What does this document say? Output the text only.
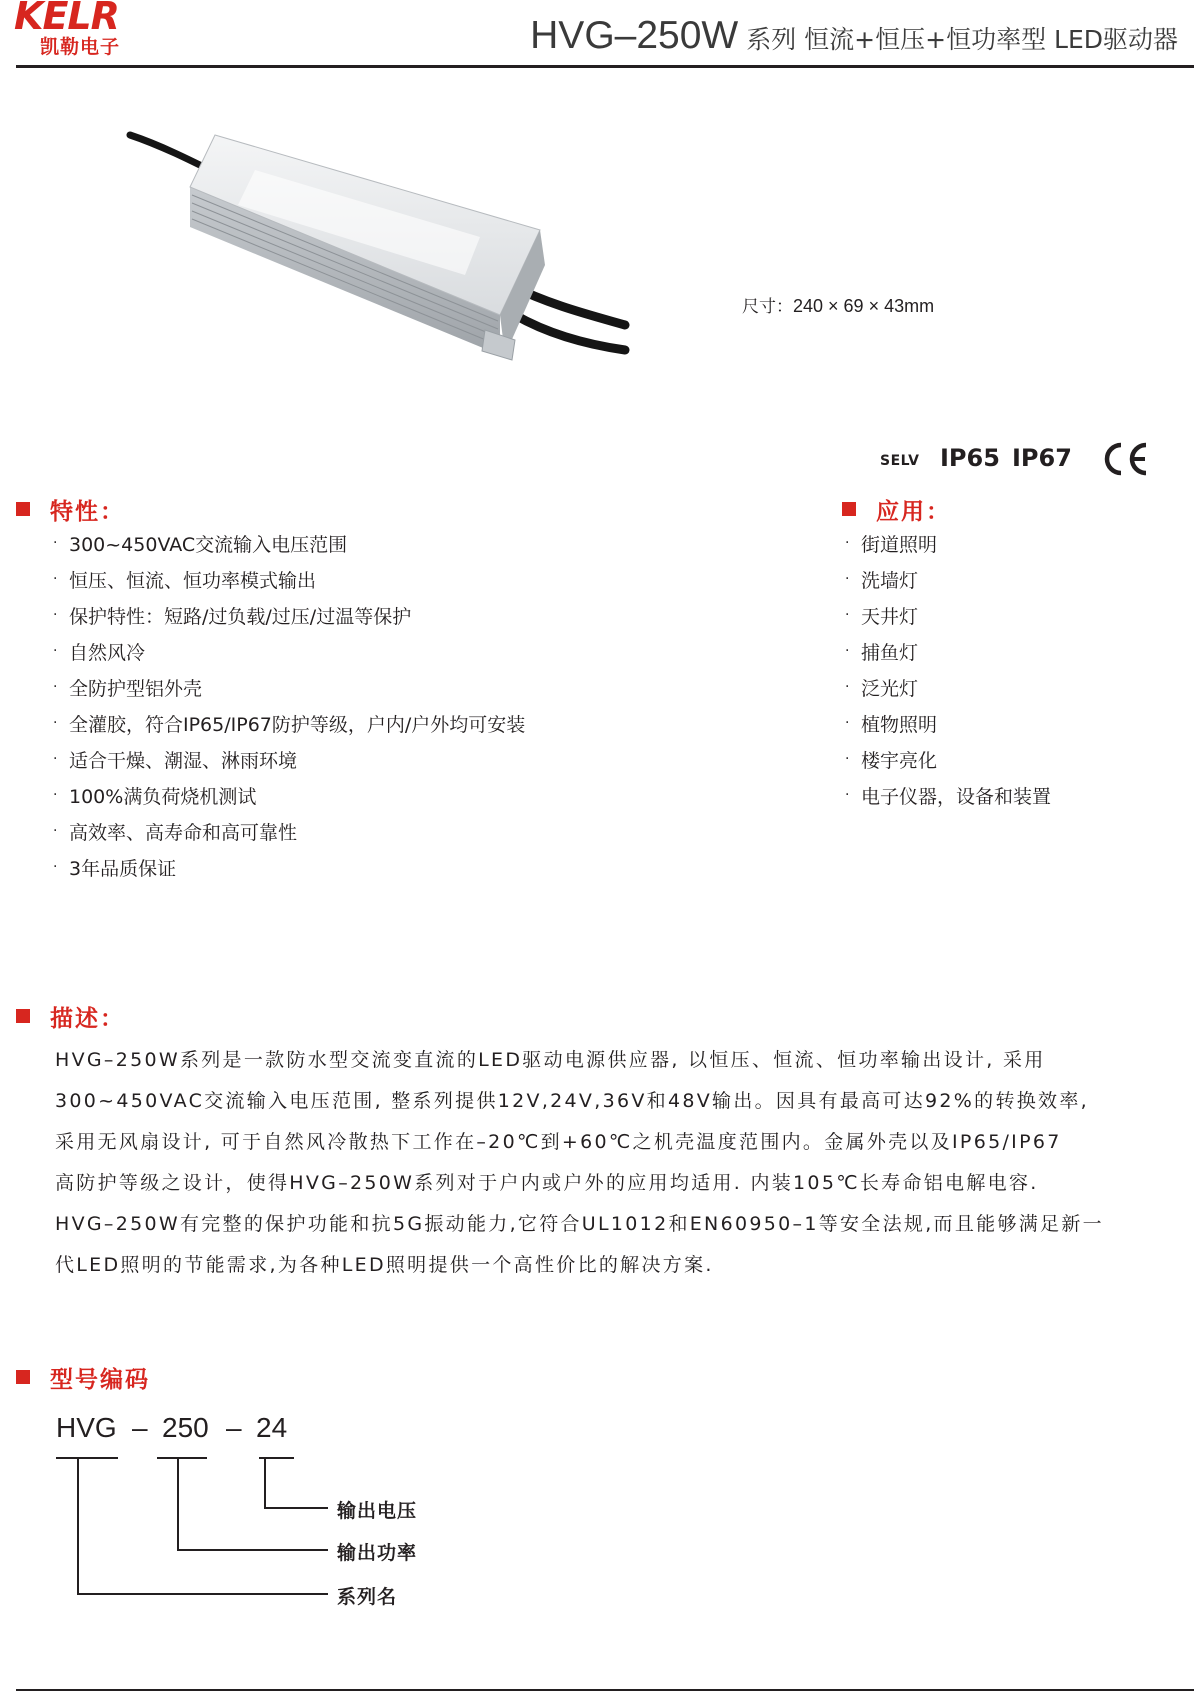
KELR
凯勒电子	HVG–250W 系列 恒流+恒压+恒功率型 LED驱动器
尺寸：240 × 69 × 43mm
SELV IP65 IP67
特性：
· 300~450VAC交流输入电压范围
· 恒压、恒流、恒功率模式输出
· 保护特性：短路/过负载/过压/过温等保护
· 自然风冷
· 全防护型铝外壳
· 全灌胶，符合IP65/IP67防护等级，户内/户外均可安装
· 适合干燥、潮湿、淋雨环境
· 100%满负荷烧机测试
· 高效率、高寿命和高可靠性
· 3年品质保证
应用：
· 街道照明
· 洗墙灯
· 天井灯
· 捕鱼灯
· 泛光灯
· 植物照明
· 楼宇亮化
· 电子仪器，设备和装置
描述：
HVG–250W系列是一款防水型交流变直流的LED驱动电源供应器, 以恒压、恒流、恒功率输出设计, 采用
300~450VAC交流输入电压范围, 整系列提供12V,24V,36V和48V输出。因具有最高可达92%的转换效率,
采用无风扇设计, 可于自然风冷散热下工作在–20℃到+60℃之机壳温度范围内。金属外壳以及IP65/IP67
高防护等级之设计，使得HVG–250W系列对于户内或户外的应用均适用. 内装105℃长寿命铝电解电容.
HVG–250W有完整的保护功能和抗5G振动能力,它符合UL1012和EN60950–1等安全法规,而且能够满足新一
代LED照明的节能需求,为各种LED照明提供一个高性价比的解决方案.
型号编码
HVG – 250 – 24
输出电压
输出功率
系列名
